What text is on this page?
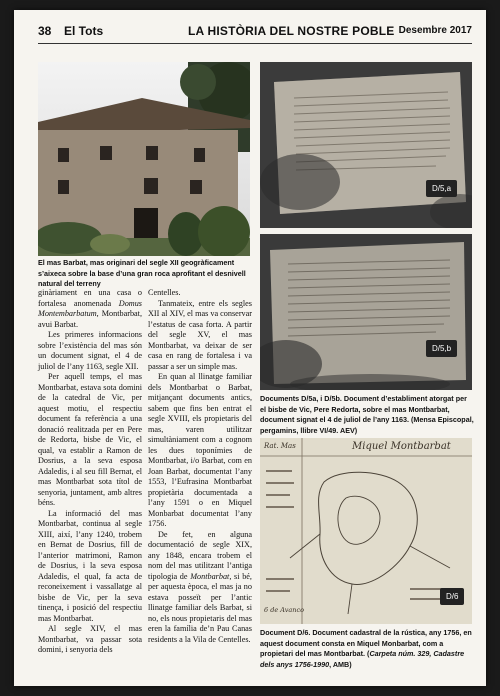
38 El Tots	LA HISTÒRIA DEL NOSTRE POBLE Desembre 2017
El mas Barbat, mas originari del segle XII geogràficament s’aixeca sobre la base d’una gran roca aprofitant el desnivell natural del terreny
D/5,a
D/5,b
Documents D/5a, i D/5b. Document d’establiment atorgat per el bisbe de Vic, Pere Redorta, sobre el mas Montbarbat, document signat el 4 de juliol de l’any 1163. (Mensa Episcopal, pergamins, llibre VI/49. AEV)
Miquel Montbarbat
Rat. Mas
6 de Avanco
D/6
Document D/6. Document cadastral de la rústica, any 1756, en aquest document consta en Miquel Monbarbat, com a propietari del mas Montbarbat. (Carpeta núm. 329, Cadastre dels anys 1756-1990, AMB)

ginàriament en una casa o fortalesa anomenada Domus Montembarbatum, Montbarbat, avui Barbat.

Les primeres informacions sobre l’existència del mas són un document signat, el 4 de juliol de l’any 1163, segle XII.

Per aquell temps, el mas Montbarbat, estava sota domini de la catedral de Vic, per aquest motiu, el respectiu document fa referència a una donació realitzada per en Pere de Redorta, bisbe de Vic, el qual, va establir a Ramon de Dosrius, a la seva esposa Adaledis, i al seu fill Bernat, el mas Montbarbat sota títol de senyoria, juntament, amb altres béns.

La informació del mas Montbarbat, continua al segle XIII, així, l’any 1240, trobem en Bernat de Dosrius, fill de l’anterior matrimoni, Ramon de Dosrius, i la seva esposa Adaledis, el qual, fa acta de reconeixement i vassallatge al bisbe de Vic, per la seva tinença, i posició del respectiu mas Montbarbat.

Al segle XIV, el mas Montbarbat, va passar sota domini, i senyoria dels

Centelles.

Tanmateix, entre els segles XII al XIV, el mas va conservar l’estatus de casa forta. A partir del segle XV, el mas Montbarbat, va deixar de ser casa en rang de fortalesa i va passar a ser un simple mas.

En quan al llinatge familiar dels Montbarbat o Barbat, mitjançant documents antics, sabem que fins ben entrat el segle XVIII, els propietaris del mas, varen utilitzar simultàniament com a cognom les dues toponímies de Montbarbat, i/o Barbat, com en Joan Barbat, documentat l’any 1553, l’Eufrasina Montbarbat propietària documentada a l’any 1591 o en Miquel Monbarbat documentat l’any 1756.

De fet, en alguna documentació de segle XIX, any 1848, encara trobem el nom del mas utilitzant l’antiga tipologia de Montbarbat, si bé, per aquesta època, el mas ja no estava posseït per l’antic llinatge familiar dels Barbat, si no, els nous propietaris del mas eren la família de’n Pau Canas residents a la Vila de Centelles.
